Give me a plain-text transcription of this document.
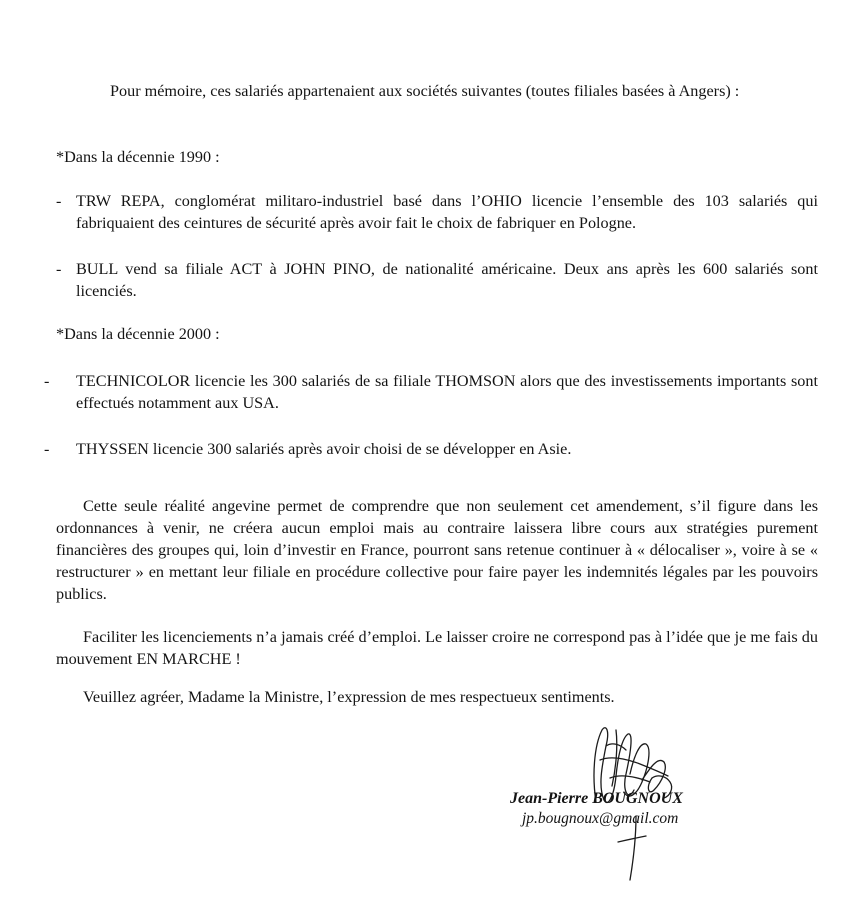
Pour mémoire, ces salariés appartenaient aux sociétés suivantes (toutes filiales basées à Angers) :

*Dans la décennie 1990 :

- TRW REPA, conglomérat militaro-industriel basé dans l’OHIO licencie l’ensemble des 103 salariés qui fabriquaient des ceintures de sécurité après avoir fait le choix de fabriquer en Pologne.
- BULL vend sa filiale ACT à JOHN PINO, de nationalité américaine. Deux ans après les 600 salariés sont licenciés.

*Dans la décennie 2000 :

- TECHNICOLOR licencie les 300 salariés de sa filiale THOMSON alors que des investissements importants sont effectués notamment aux USA.
- THYSSEN licencie 300 salariés après avoir choisi de se développer en Asie.

Cette seule réalité angevine permet de comprendre que non seulement cet amendement, s’il figure dans les ordonnances à venir, ne créera aucun emploi mais au contraire laissera libre cours aux stratégies purement financières des groupes qui, loin d’investir en France, pourront sans retenue continuer à « délocaliser », voire à se « restructurer » en mettant leur filiale en procédure collective pour faire payer les indemnités légales par les pouvoirs publics.

Faciliter les licenciements n’a jamais créé d’emploi. Le laisser croire ne correspond pas à l’idée que je me fais du mouvement EN MARCHE !

Veuillez agréer, Madame la Ministre, l’expression de mes respectueux sentiments.

Jean-Pierre BOUGNOUX
jp.bougnoux@gmail.com
